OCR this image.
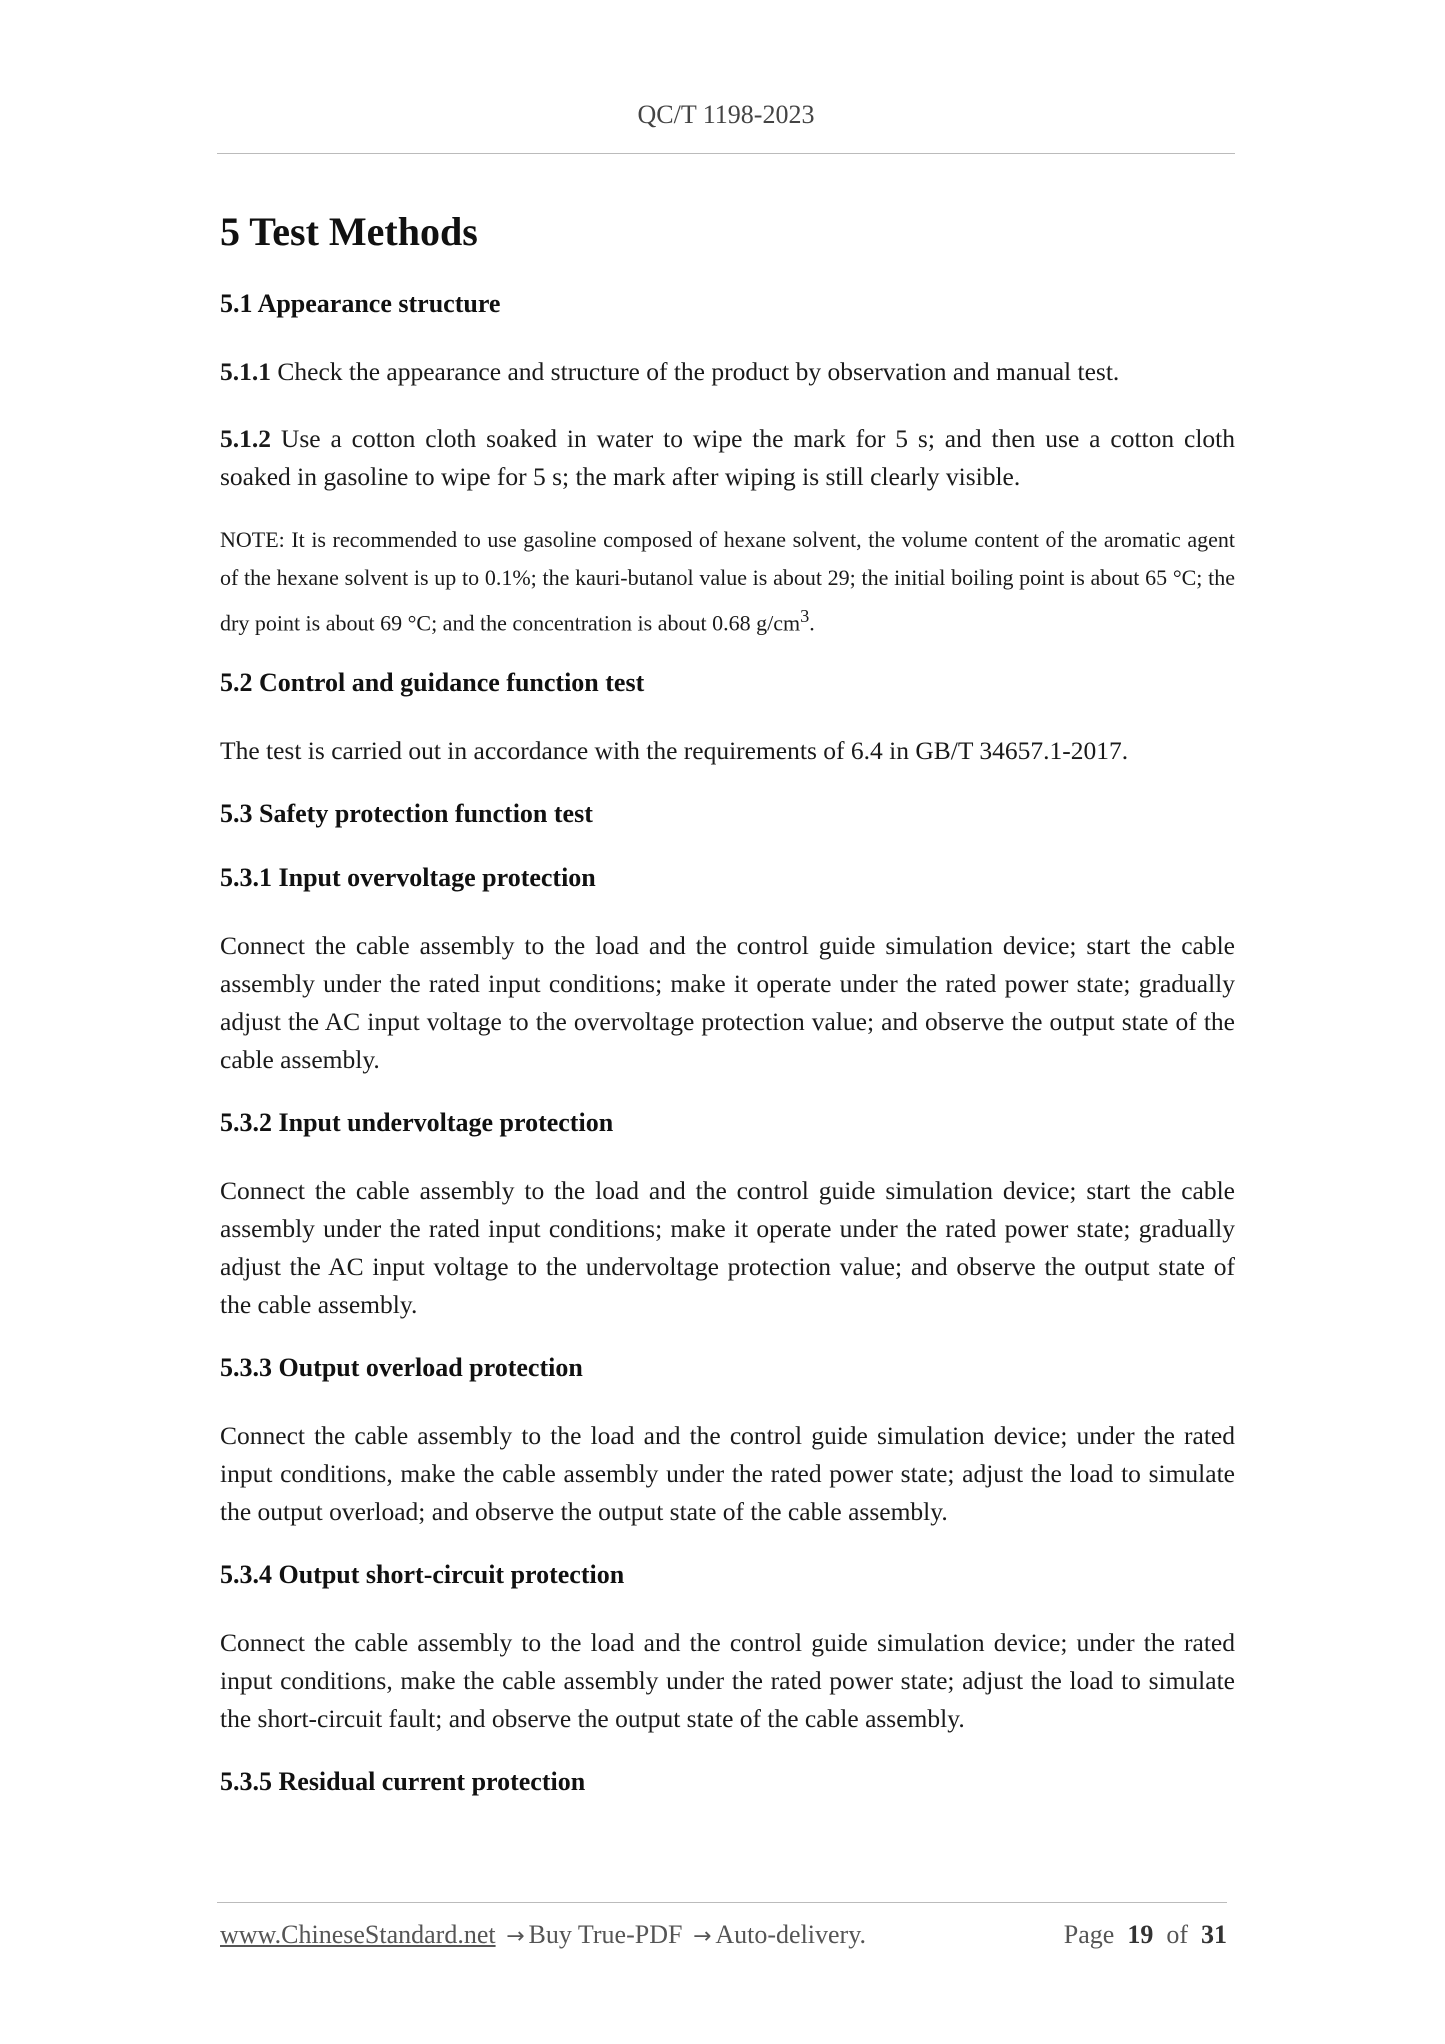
QC/T 1198-2023
5 Test Methods
5.1 Appearance structure
5.1.1 Check the appearance and structure of the product by observation and manual test.
5.1.2 Use a cotton cloth soaked in water to wipe the mark for 5 s; and then use a cotton cloth soaked in gasoline to wipe for 5 s; the mark after wiping is still clearly visible.
NOTE: It is recommended to use gasoline composed of hexane solvent, the volume content of the aromatic agent of the hexane solvent is up to 0.1%; the kauri-butanol value is about 29; the initial boiling point is about 65 °C; the dry point is about 69 °C; and the concentration is about 0.68 $g/cm^3$.
5.2 Control and guidance function test
The test is carried out in accordance with the requirements of 6.4 in GB/T 34657.1-2017.
5.3 Safety protection function test
5.3.1 Input overvoltage protection
Connect the cable assembly to the load and the control guide simulation device; start the cable assembly under the rated input conditions; make it operate under the rated power state; gradually adjust the AC input voltage to the overvoltage protection value; and observe the output state of the cable assembly.
5.3.2 Input undervoltage protection
Connect the cable assembly to the load and the control guide simulation device; start the cable assembly under the rated input conditions; make it operate under the rated power state; gradually adjust the AC input voltage to the undervoltage protection value; and observe the output state of the cable assembly.
5.3.3 Output overload protection
Connect the cable assembly to the load and the control guide simulation device; under the rated input conditions, make the cable assembly under the rated power state; adjust the load to simulate the output overload; and observe the output state of the cable assembly.
5.3.4 Output short-circuit protection
Connect the cable assembly to the load and the control guide simulation device; under the rated input conditions, make the cable assembly under the rated power state; adjust the load to simulate the short-circuit fault; and observe the output state of the cable assembly.
5.3.5 Residual current protection
www.ChineseStandard.net → Buy True-PDF → Auto-delivery.	Page 19 of 31
